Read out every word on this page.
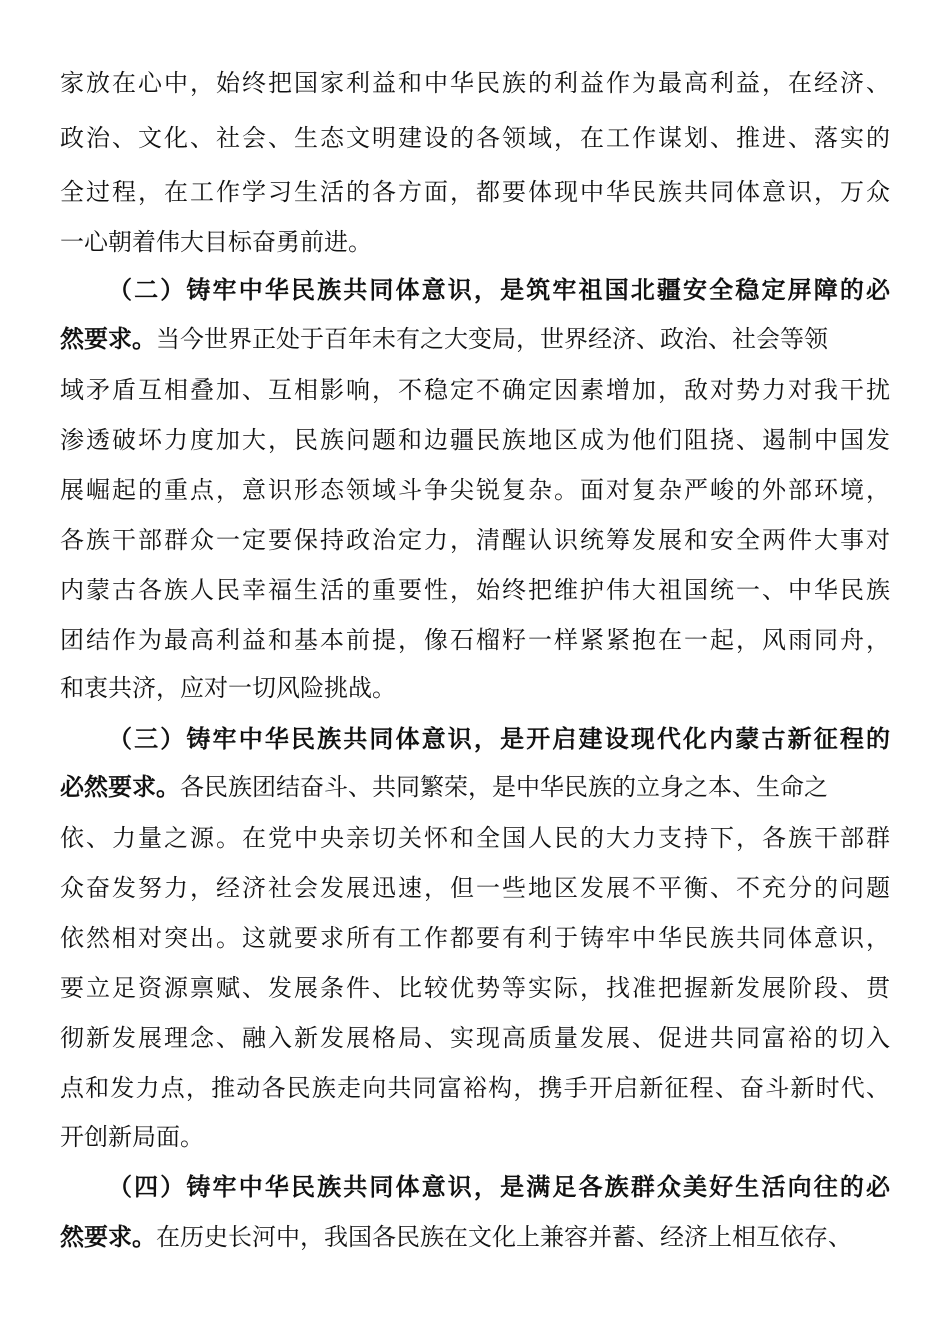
家放在心中，始终把国家利益和中华民族的利益作为最高利益，在经济、
政治、文化、社会、生态文明建设的各领域，在工作谋划、推进、落实的
全过程，在工作学习生活的各方面，都要体现中华民族共同体意识，万众
一心朝着伟大目标奋勇前进。
（二）铸牢中华民族共同体意识，是筑牢祖国北疆安全稳定屏障的必
然要求。当今世界正处于百年未有之大变局，世界经济、政治、社会等领
域矛盾互相叠加、互相影响，不稳定不确定因素增加，敌对势力对我干扰
渗透破坏力度加大，民族问题和边疆民族地区成为他们阻挠、遏制中国发
展崛起的重点，意识形态领域斗争尖锐复杂。面对复杂严峻的外部环境，
各族干部群众一定要保持政治定力，清醒认识统筹发展和安全两件大事对
内蒙古各族人民幸福生活的重要性，始终把维护伟大祖国统一、中华民族
团结作为最高利益和基本前提，像石榴籽一样紧紧抱在一起，风雨同舟，
和衷共济，应对一切风险挑战。
（三）铸牢中华民族共同体意识，是开启建设现代化内蒙古新征程的
必然要求。各民族团结奋斗、共同繁荣，是中华民族的立身之本、生命之
依、力量之源。在党中央亲切关怀和全国人民的大力支持下，各族干部群
众奋发努力，经济社会发展迅速，但一些地区发展不平衡、不充分的问题
依然相对突出。这就要求所有工作都要有利于铸牢中华民族共同体意识，
要立足资源禀赋、发展条件、比较优势等实际，找准把握新发展阶段、贯
彻新发展理念、融入新发展格局、实现高质量发展、促进共同富裕的切入
点和发力点，推动各民族走向共同富裕构，携手开启新征程、奋斗新时代、
开创新局面。
（四）铸牢中华民族共同体意识，是满足各族群众美好生活向往的必
然要求。在历史长河中，我国各民族在文化上兼容并蓄、经济上相互依存、
